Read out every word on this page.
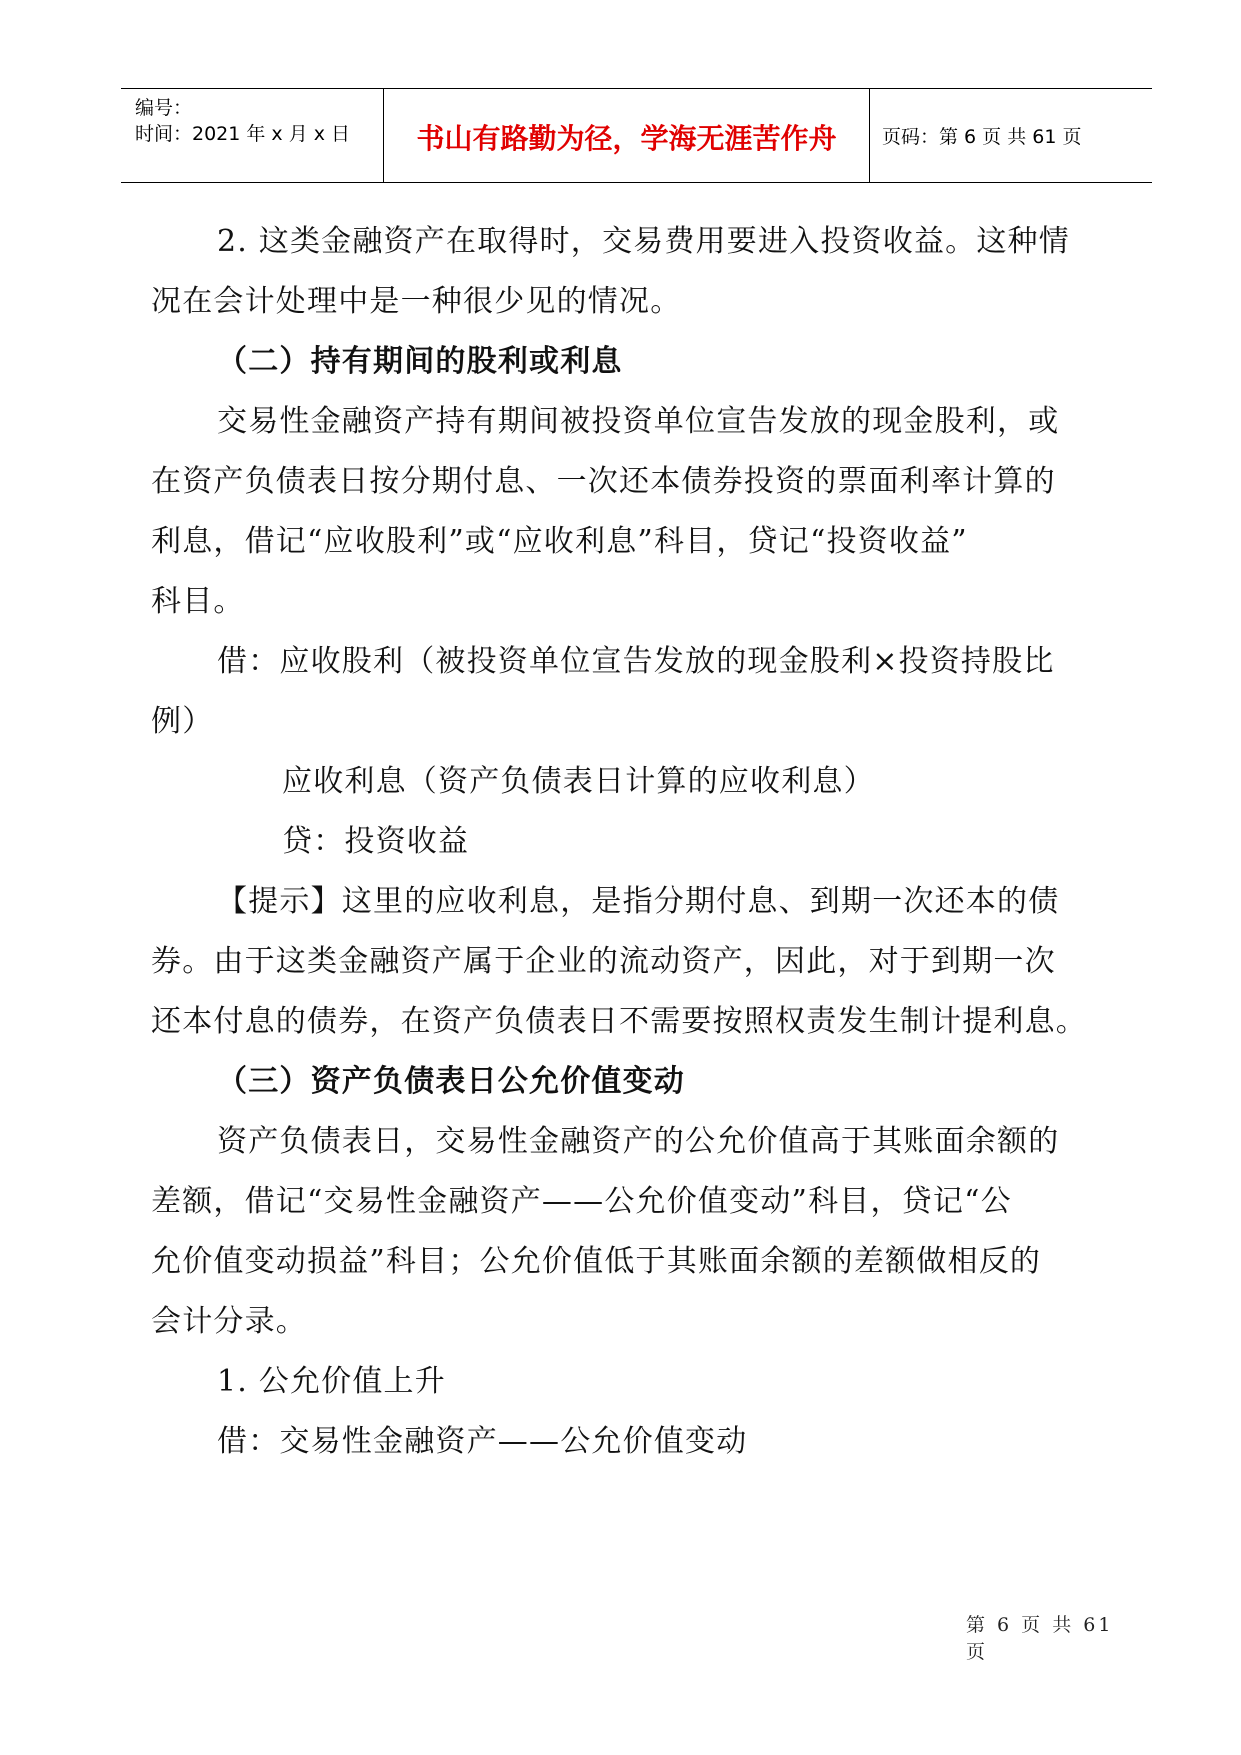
编号：
时间：2021 年 x 月 x 日	书山有路勤为径，学海无涯苦作舟	页码：第 6 页 共 61 页

2. 这类金融资产在取得时，交易费用要进入投资收益。这种情
况在会计处理中是一种很少见的情况。

（二）持有期间的股利或利息

交易性金融资产持有期间被投资单位宣告发放的现金股利，或
在资产负债表日按分期付息、一次还本债券投资的票面利率计算的
利息，借记“应收股利”或“应收利息”科目，贷记“投资收益”
科目。

借：应收股利（被投资单位宣告发放的现金股利×投资持股比
例）

应收利息（资产负债表日计算的应收利息）

贷：投资收益

【提示】这里的应收利息，是指分期付息、到期一次还本的债
券。由于这类金融资产属于企业的流动资产，因此，对于到期一次
还本付息的债券，在资产负债表日不需要按照权责发生制计提利息。

（三）资产负债表日公允价值变动

资产负债表日，交易性金融资产的公允价值高于其账面余额的
差额，借记“交易性金融资产——公允价值变动”科目，贷记“公
允价值变动损益”科目；公允价值低于其账面余额的差额做相反的
会计分录。

1. 公允价值上升

借：交易性金融资产——公允价值变动

第 6 页 共 61 页
